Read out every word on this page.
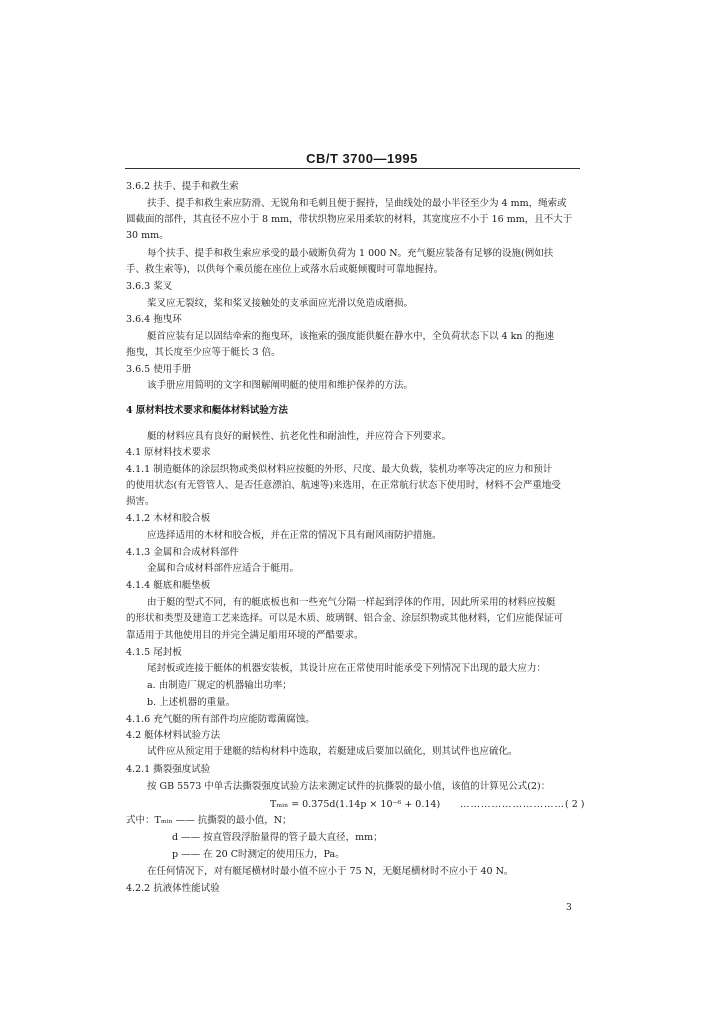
CB/T 3700—1995
3.6.2 扶手、提手和救生索
扶手、提手和救生索应防滑、无锐角和毛刺且便于握持，呈曲线处的最小半径至少为 4 mm，绳索或
圆截面的部件，其直径不应小于 8 mm，带状织物应采用柔软的材料，其宽度应不小于 16 mm，且不大于
30 mm。
每个扶手、提手和救生索应承受的最小破断负荷为 1 000 N。充气艇应装备有足够的设施(例如扶
手、救生索等)，以供每个乘员能在座位上或落水后或艇倾覆时可靠地握持。
3.6.3 桨叉
桨叉应无裂纹，桨和桨叉接触处的支承面应光滑以免造成磨损。
3.6.4 拖曳环
艇首应装有足以固结牵索的拖曳环，该拖索的强度能供艇在静水中，全负荷状态下以 4 kn 的拖速
拖曳，其长度至少应等于艇长 3 倍。
3.6.5 使用手册
该手册应用简明的文字和图解阐明艇的使用和维护保养的方法。
4 原材料技术要求和艇体材料试验方法
艇的材料应具有良好的耐候性、抗老化性和耐油性，并应符合下列要求。
4.1 原材料技术要求
4.1.1 制造艇体的涂层织物或类似材料应按艇的外形、尺度、最大负载，装机功率等决定的应力和预计
的使用状态(有无管管人、是否任意漂泊、航速等)来选用，在正常航行状态下使用时，材料不会严重地受
损害。
4.1.2 木材和胶合板
应选择适用的木材和胶合板，并在正常的情况下具有耐风雨防护措施。
4.1.3 金属和合成材料部件
金属和合成材料部件应适合于艇用。
4.1.4 艇底和艇垫板
由于艇的型式不同，有的艇底板也和一些充气分隔一样起到浮体的作用，因此所采用的材料应按艇
的形状和类型及建造工艺来选择。可以是木质、玻璃钢、铝合金、涂层织物或其他材料，它们应能保证可
靠适用于其他使用目的并完全满足船用环境的严酷要求。
4.1.5 尾封板
尾封板或连接于艇体的机器安装板，其设计应在正常使用时能承受下列情况下出现的最大应力：
a. 由制造厂规定的机器输出功率；
b. 上述机器的重量。
4.1.6 充气艇的所有部件均应能防霉菌腐蚀。
4.2 艇体材料试验方法
试件应从预定用于建艇的结构材料中选取，若艇建成后要加以硫化，则其试件也应硫化。
4.2.1 撕裂强度试验
按 GB 5573 中单舌法撕裂强度试验方法来测定试件的抗撕裂的最小值，该值的计算见公式(2)：
Tₘᵢₙ = 0.375d(1.14p × 10⁻⁶ + 0.14) ………………………… ( 2 )
式中：Tₘᵢₙ —— 抗撕裂的最小值，N；
d —— 按直管段浮胎量得的管子最大直径，mm；
p —— 在 20 C时测定的使用压力，Pa。
在任何情况下，对有艇尾横材时最小值不应小于 75 N，无艇尾横材时不应小于 40 N。
4.2.2 抗液体性能试验
3
